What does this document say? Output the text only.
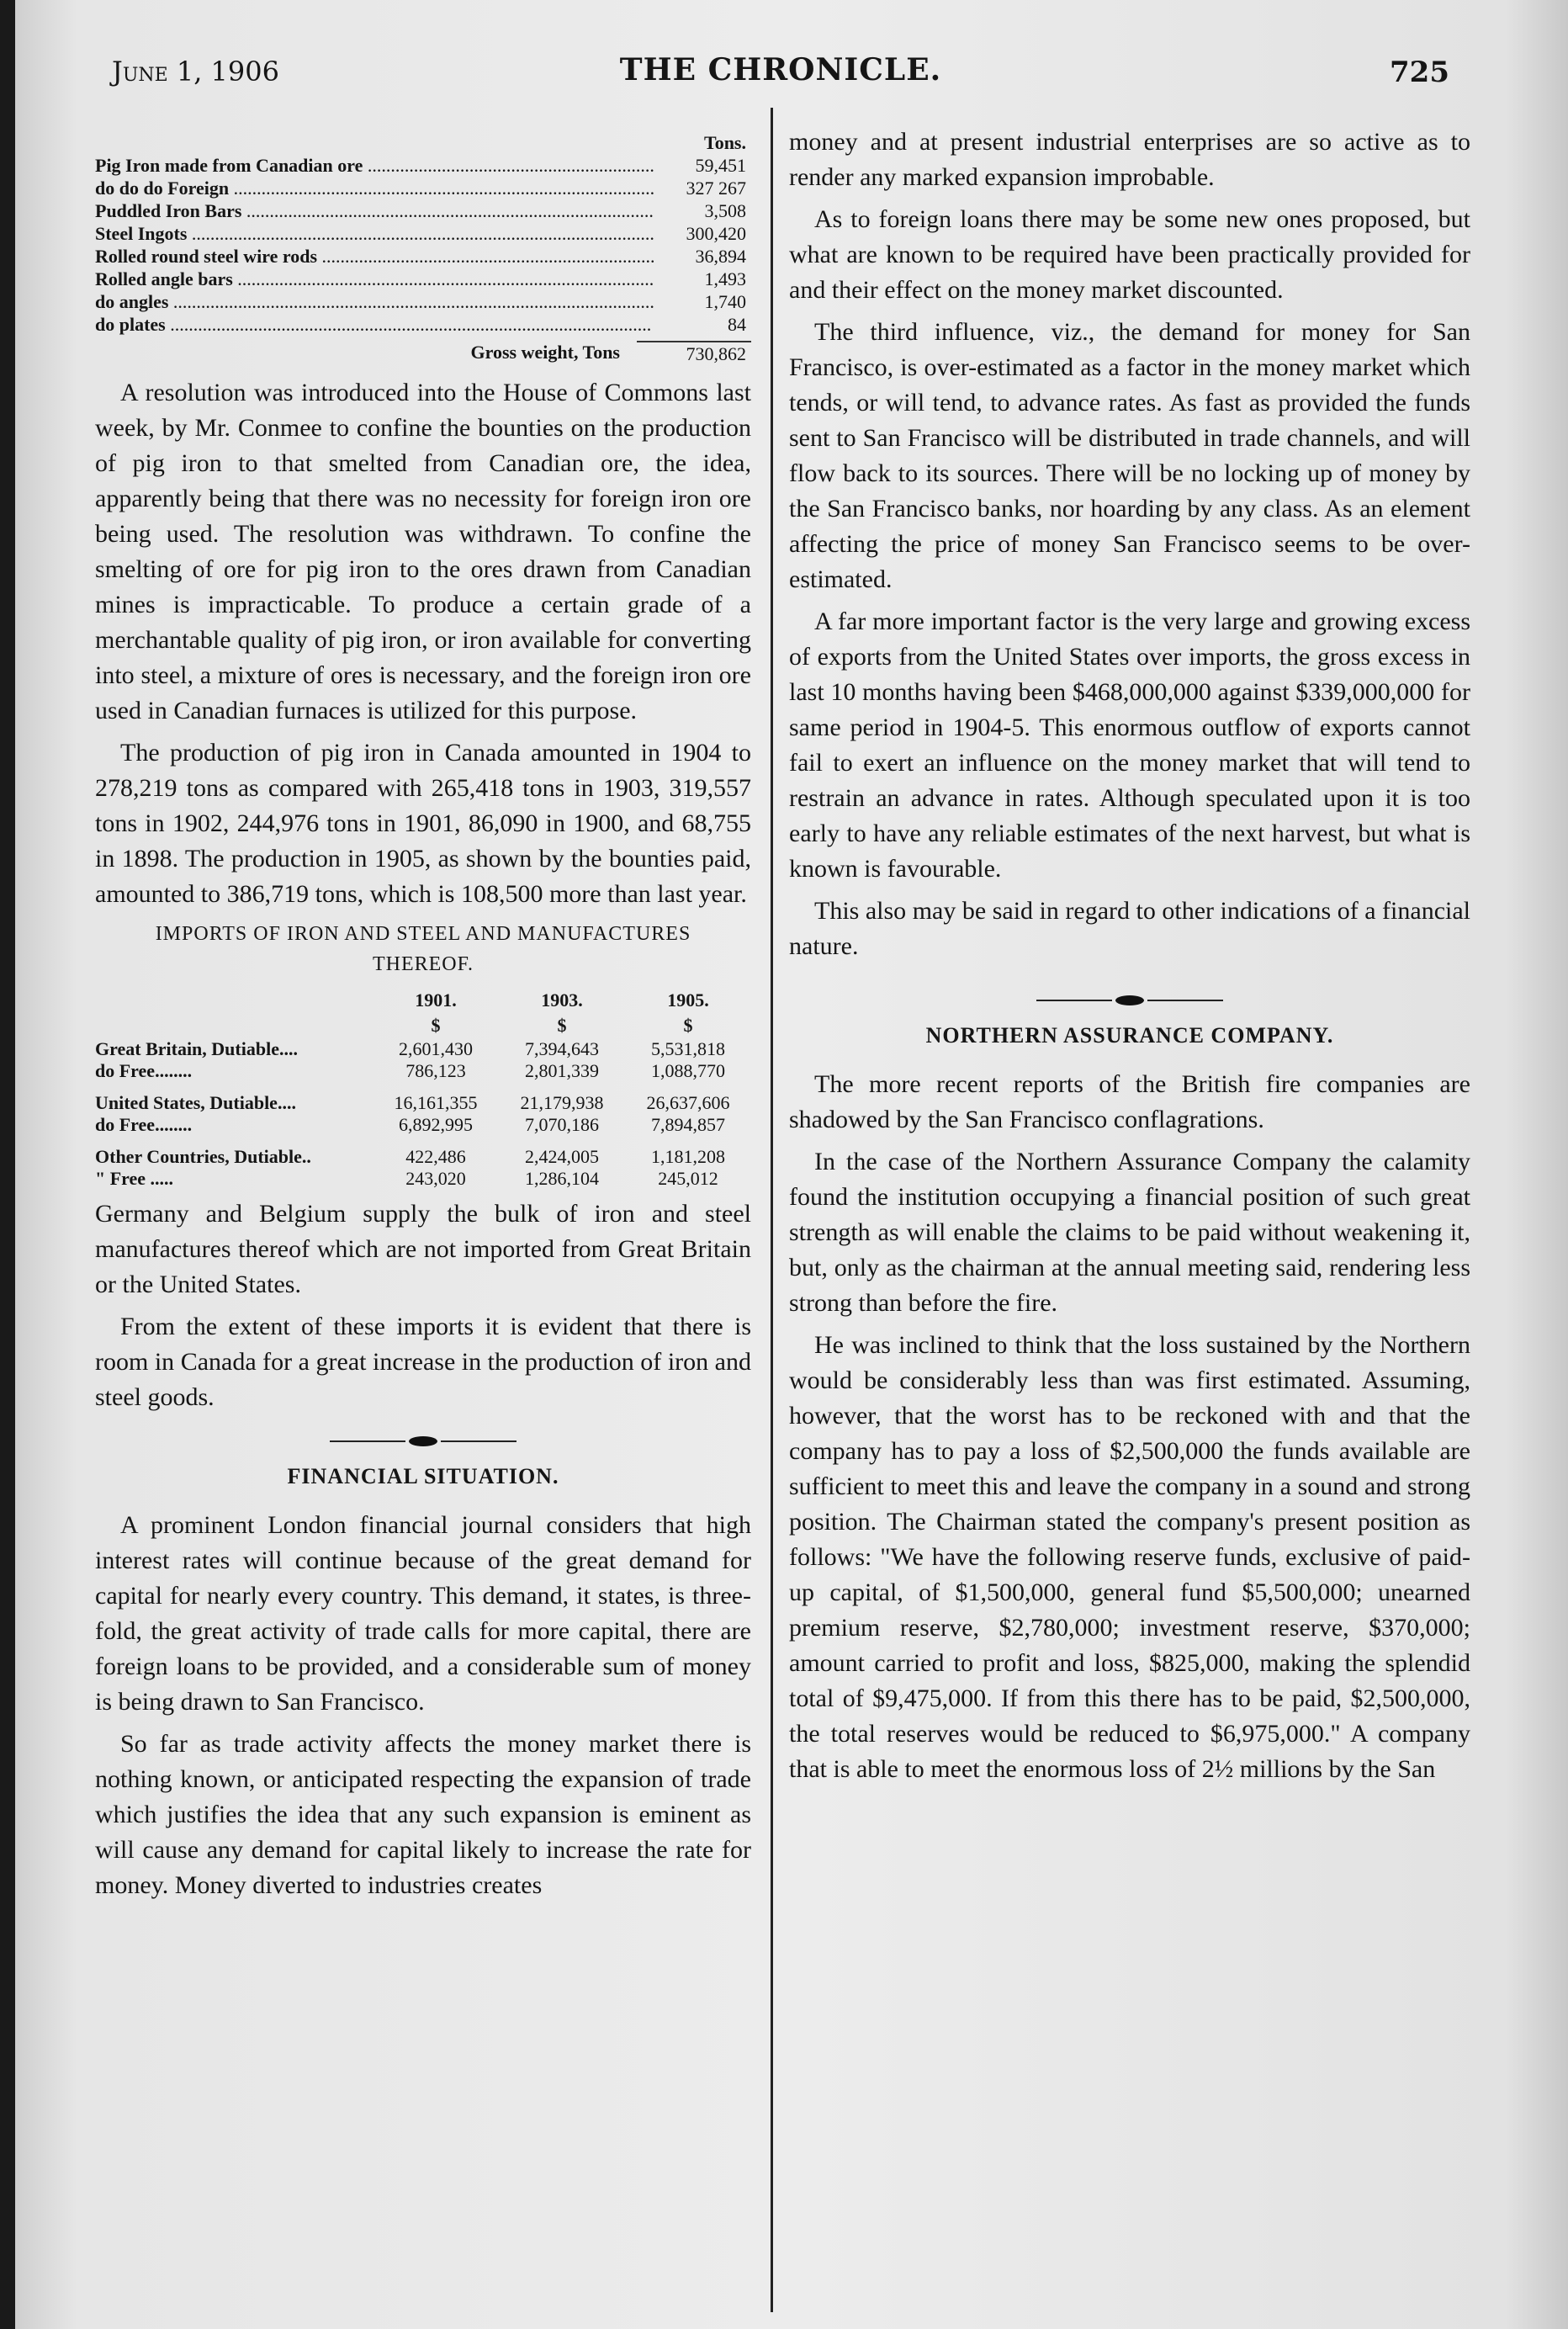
June 1, 1906	THE CHRONICLE.	725
Tons.
Pig Iron made from Canadian ore .....	59,451
do do do Foreign .....	327 267
Puddled Iron Bars .....	3,508
Steel Ingots .....	300,420
Rolled round steel wire rods .....	36,894
Rolled angle bars .....	1,493
do angles .....	1,740
do plates .....	84
Gross weight, Tons	730,862

A resolution was introduced into the House of Commons last week, by Mr. Conmee to confine the bounties on the production of pig iron to that smelted from Canadian ore, the idea, apparently being that there was no necessity for foreign iron ore being used. The resolution was withdrawn. To confine the smelting of ore for pig iron to the ores drawn from Canadian mines is impracticable. To produce a certain grade of a merchantable quality of pig iron, or iron available for converting into steel, a mixture of ores is necessary, and the foreign iron ore used in Canadian furnaces is utilized for this purpose.

The production of pig iron in Canada amounted in 1904 to 278,219 tons as compared with 265,418 tons in 1903, 319,557 tons in 1902, 244,976 tons in 1901, 86,090 in 1900, and 68,755 in 1898. The production in 1905, as shown by the bounties paid, amounted to 386,719 tons, which is 108,500 more than last year.

IMPORTS OF IRON AND STEEL AND MANUFACTURES
THEREOF.
	1901.	1903.	1905.
	$	$	$
Great Britain, Dutiable....	2,601,430	7,394,643	5,531,818
do Free........	786,123	2,801,339	1,088,770

United States, Dutiable....	16,161,355	21,179,938	26,637,606
do Free........	6,892,995	7,070,186	7,894,857

Other Countries, Dutiable..	422,486	2,424,005	1,181,208
" Free .....	243,020	1,286,104	245,012

Germany and Belgium supply the bulk of iron and steel manufactures thereof which are not imported from Great Britain or the United States.

From the extent of these imports it is evident that there is room in Canada for a great increase in the production of iron and steel goods.

FINANCIAL SITUATION.

A prominent London financial journal considers that high interest rates will continue because of the great demand for capital for nearly every country. This demand, it states, is three-fold, the great activity of trade calls for more capital, there are foreign loans to be provided, and a considerable sum of money is being drawn to San Francisco.

So far as trade activity affects the money market there is nothing known, or anticipated respecting the expansion of trade which justifies the idea that any such expansion is eminent as will cause any demand for capital likely to increase the rate for money. Money diverted to industries creates

money and at present industrial enterprises are so active as to render any marked expansion improbable.

As to foreign loans there may be some new ones proposed, but what are known to be required have been practically provided for and their effect on the money market discounted.

The third influence, viz., the demand for money for San Francisco, is over-estimated as a factor in the money market which tends, or will tend, to advance rates. As fast as provided the funds sent to San Francisco will be distributed in trade channels, and will flow back to its sources. There will be no locking up of money by the San Francisco banks, nor hoarding by any class. As an element affecting the price of money San Francisco seems to be over-estimated.

A far more important factor is the very large and growing excess of exports from the United States over imports, the gross excess in last 10 months having been $468,000,000 against $339,000,000 for same period in 1904-5. This enormous outflow of exports cannot fail to exert an influence on the money market that will tend to restrain an advance in rates. Although speculated upon it is too early to have any reliable estimates of the next harvest, but what is known is favourable.

This also may be said in regard to other indications of a financial nature.

NORTHERN ASSURANCE COMPANY.

The more recent reports of the British fire companies are shadowed by the San Francisco conflagrations.

In the case of the Northern Assurance Company the calamity found the institution occupying a financial position of such great strength as will enable the claims to be paid without weakening it, but, only as the chairman at the annual meeting said, rendering less strong than before the fire.

He was inclined to think that the loss sustained by the Northern would be considerably less than was first estimated. Assuming, however, that the worst has to be reckoned with and that the company has to pay a loss of $2,500,000 the funds available are sufficient to meet this and leave the company in a sound and strong position. The Chairman stated the company's present position as follows: "We have the following reserve funds, exclusive of paid-up capital, of $1,500,000, general fund $5,500,000; unearned premium reserve, $2,780,000; investment reserve, $370,000; amount carried to profit and loss, $825,000, making the splendid total of $9,475,000. If from this there has to be paid, $2,500,000, the total reserves would be reduced to $6,975,000." A company that is able to meet the enormous loss of 2½ millions by the San
